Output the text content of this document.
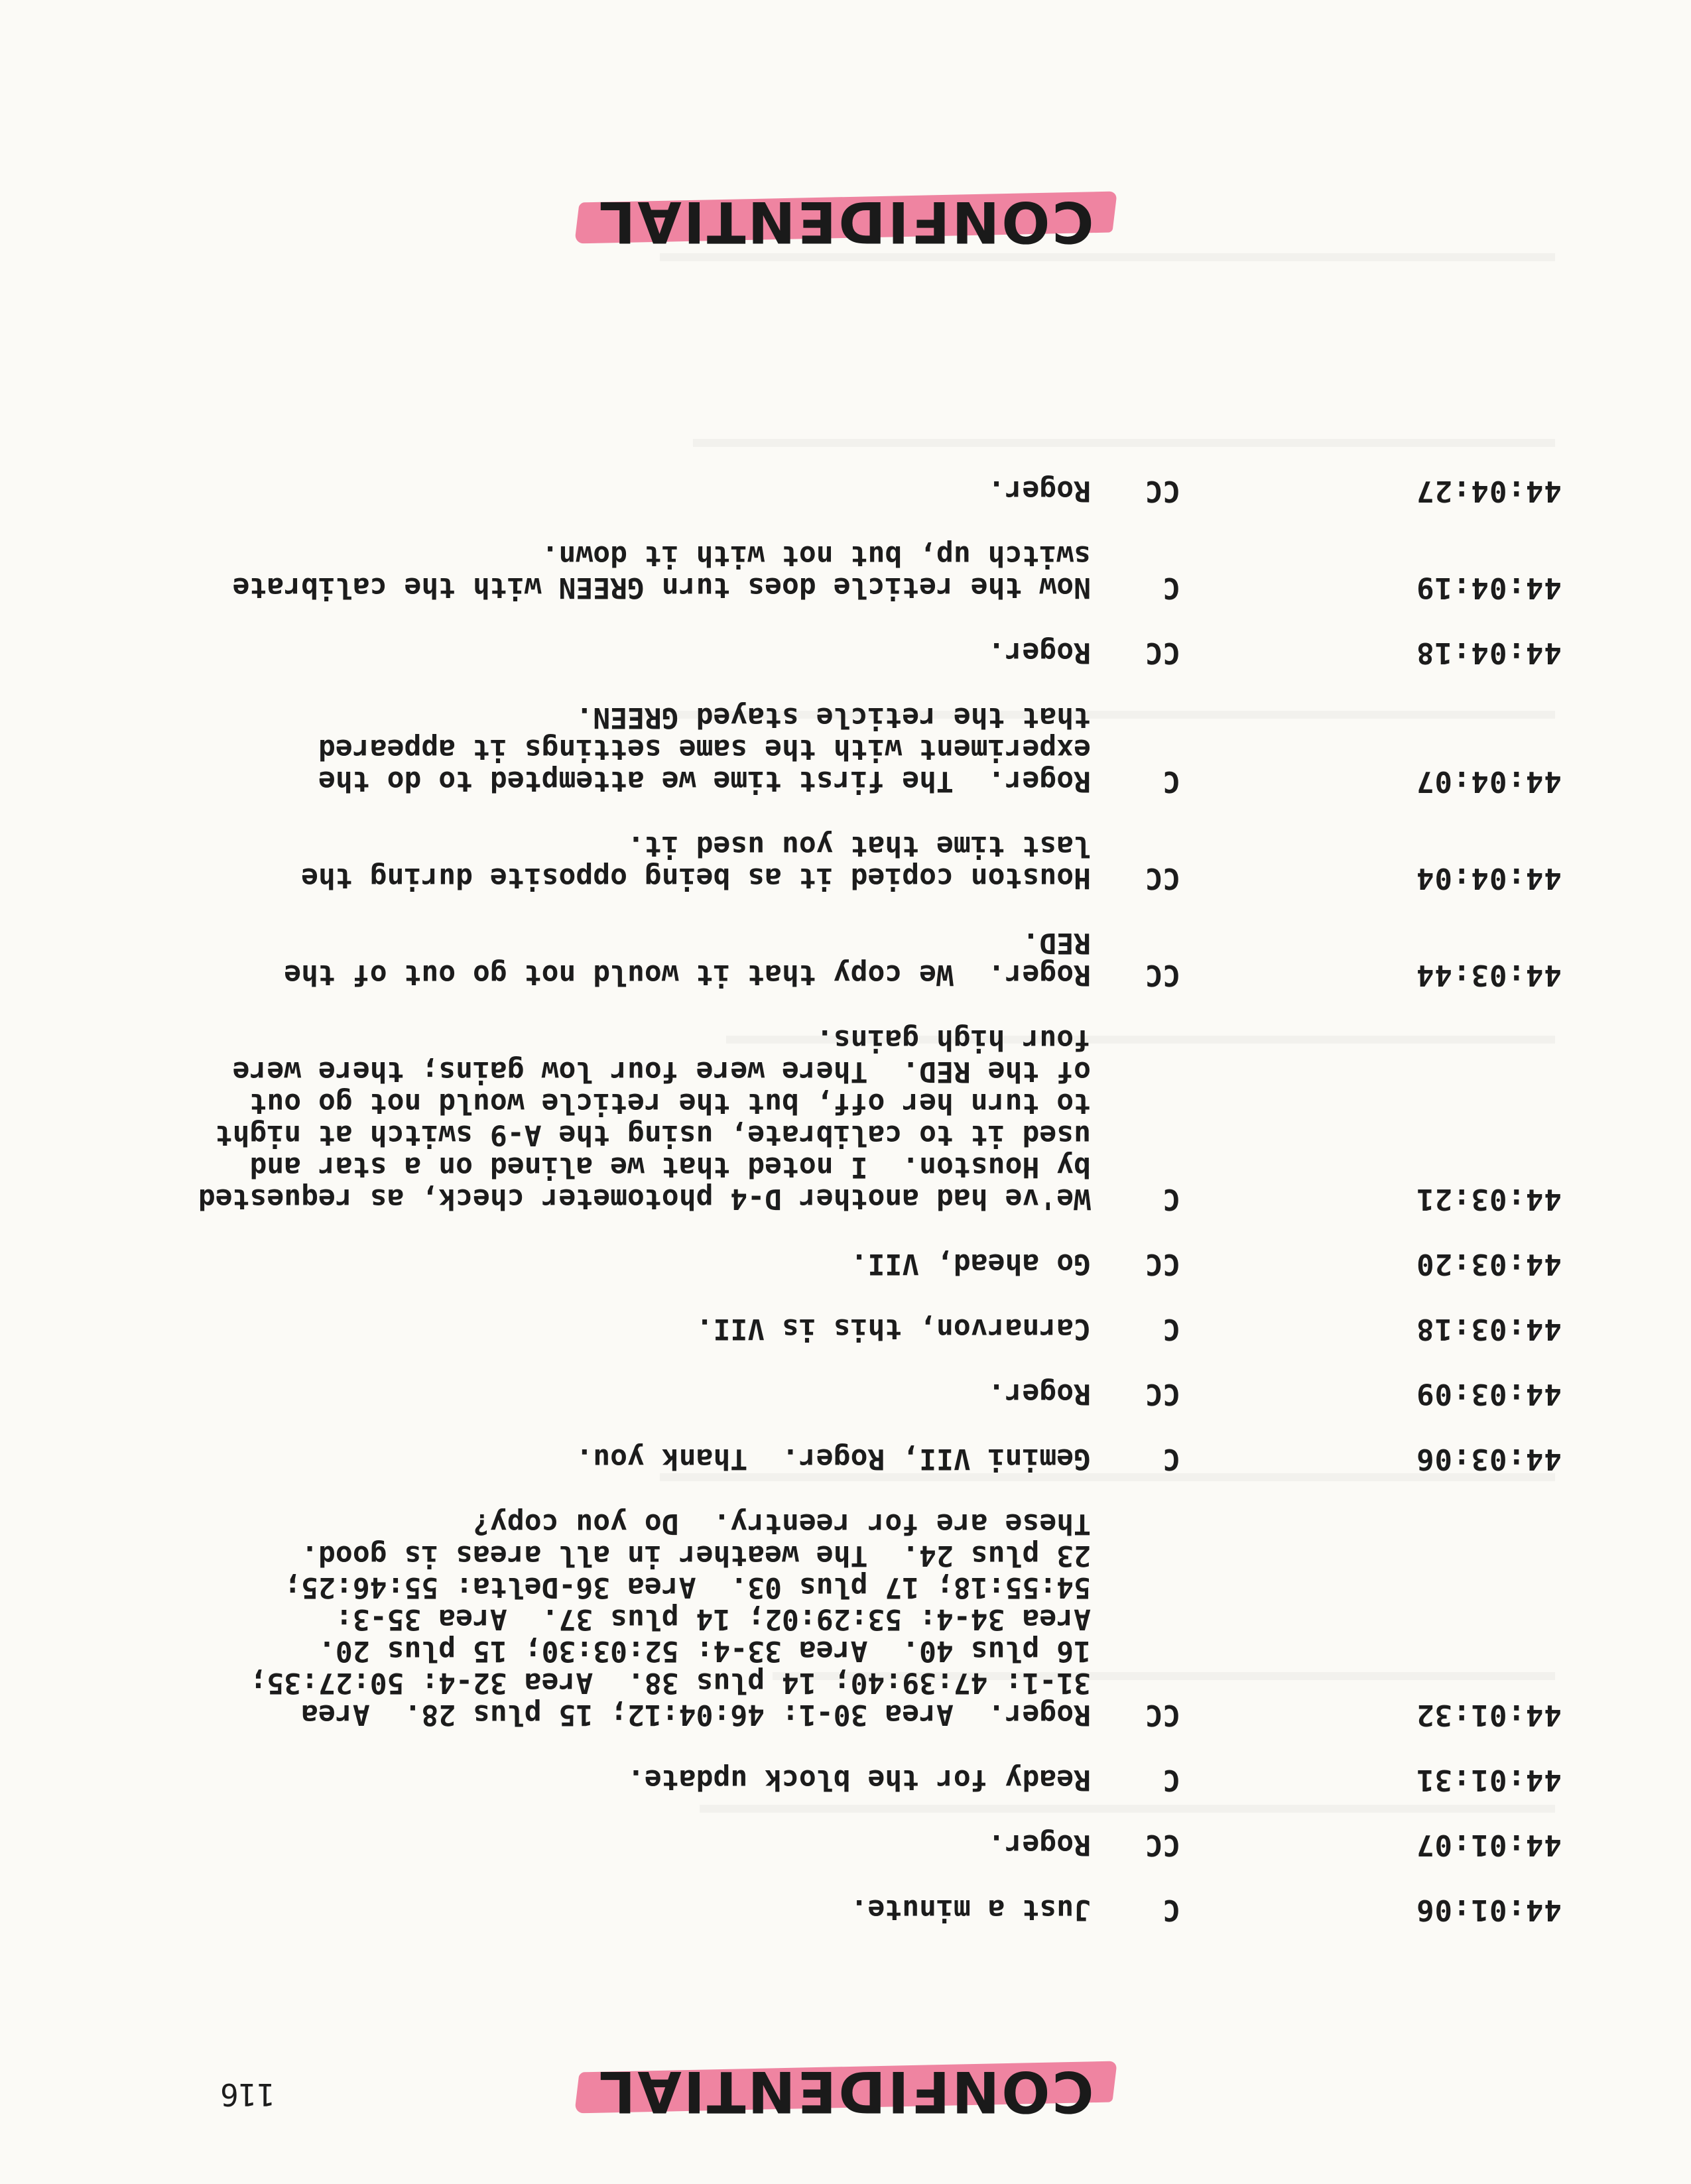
116	CONFIDENTIAL
44:01:06
C
Just a minute.
44:01:07
CC
Roger.
44:01:31
C
Ready for the block update.
44:01:32
CC
Roger.  Area 30-1: 46:04:12; 15 plus 28.  Area
31-1: 47:39:40; 14 plus 38.  Area 32-4: 50:27:35;
16 plus 40.  Area 33-4: 52:03:30; 15 plus 20.
Area 34-4: 53:29:02; 14 plus 37.  Area 35-3:
54:55:18; 17 plus 03.  Area 36-Delta: 55:46:25;
23 plus 24.  The weather in all areas is good.
These are for reentry.  Do you copy?
44:03:06
C
Gemini VII, Roger.  Thank you.
44:03:09
CC
Roger.
44:03:18
C
Carnarvon, this is VII.
44:03:20
CC
Go ahead, VII.
44:03:21
C
We've had another D-4 photometer check, as requested
by Houston.  I noted that we alined on a star and
used it to calibrate, using the A-9 switch at night
to turn her off, but the reticle would not go out
of the RED.  There were four low gains; there were
four high gains.
44:03:44
CC
Roger.  We copy that it would not go out of the
RED.
44:04:04
CC
Houston copied it as being opposite during the
last time that you used it.
44:04:07
C
Roger.  The first time we attempted to do the
experiment with the same settings it appeared
that the reticle stayed GREEN.
44:04:18
CC
Roger.
44:04:19
C
Now the reticle does turn GREEN with the calibrate
switch up, but not with it down.
44:04:27
CC
Roger.
CONFIDENTIAL
